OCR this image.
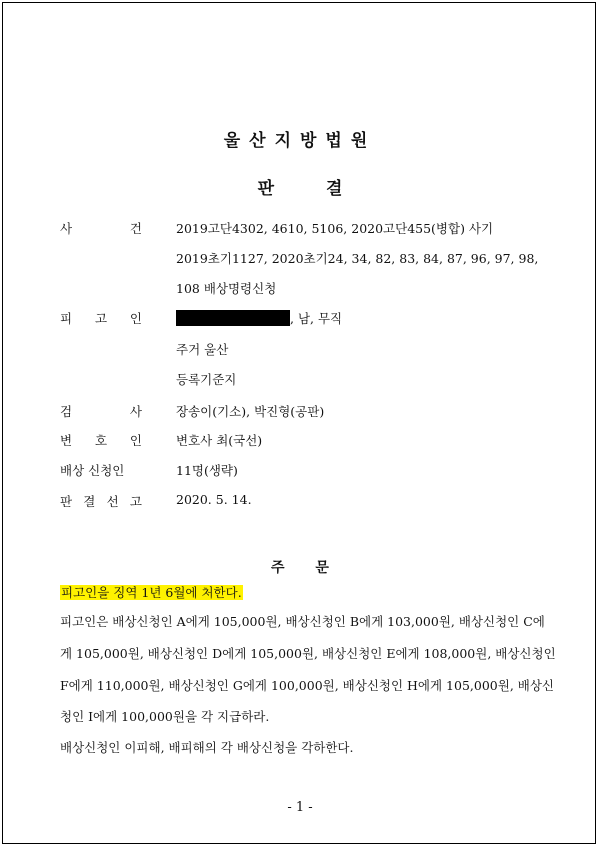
울산지방법원
판 결
사	건	2019고단4302, 4610, 5106, 2020고단455(병합) 사기
2019초기1127, 2020초기24, 34, 82, 83, 84, 87, 96, 97, 98,
108 배상명령신청
피 고 인	, 남, 무직
주거 울산
등록기준지
검	사	장송이(기소), 박진형(공판)
변 호 인	변호사 최(국선)
배상 신청인	11명(생략)
판 결 선 고	2020. 5. 14.
주 문
피고인을 징역 1년 6월에 처한다.
피고인은 배상신청인 A에게 105,000원, 배상신청인 B에게 103,000원, 배상신청인 C에
게 105,000원, 배상신청인 D에게 105,000원, 배상신청인 E에게 108,000원, 배상신청인
F에게 110,000원, 배상신청인 G에게 100,000원, 배상신청인 H에게 105,000원, 배상신
청인 I에게 100,000원을 각 지급하라.
배상신청인 이피해, 배피해의 각 배상신청을 각하한다.
- 1 -
